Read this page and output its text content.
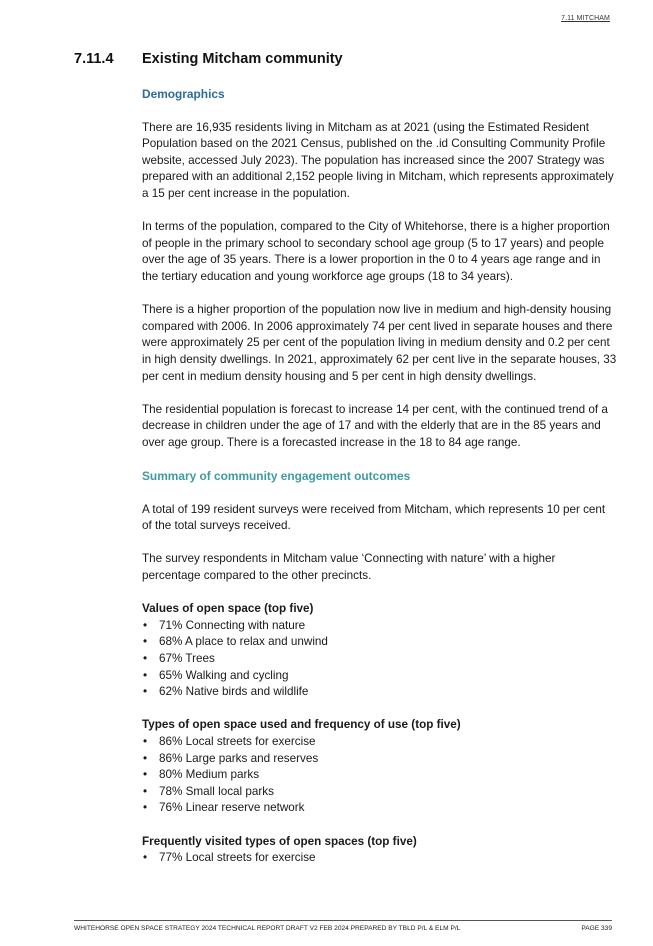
7.11 MITCHAM
7.11.4	Existing Mitcham community
Demographics

There are 16,935 residents living in Mitcham as at 2021 (using the Estimated Resident Population based on the 2021 Census, published on the .id Consulting Community Profile website, accessed July 2023). The population has increased since the 2007 Strategy was prepared with an additional 2,152 people living in Mitcham, which represents approximately a 15 per cent increase in the population.

In terms of the population, compared to the City of Whitehorse, there is a higher proportion of people in the primary school to secondary school age group (5 to 17 years) and people over the age of 35 years. There is a lower proportion in the 0 to 4 years age range and in the tertiary education and young workforce age groups (18 to 34 years).

There is a higher proportion of the population now live in medium and high-density housing compared with 2006. In 2006 approximately 74 per cent lived in separate houses and there were approximately 25 per cent of the population living in medium density and 0.2 per cent in high density dwellings. In 2021, approximately 62 per cent live in the separate houses, 33 per cent in medium density housing and 5 per cent in high density dwellings.

The residential population is forecast to increase 14 per cent, with the continued trend of a decrease in children under the age of 17 and with the elderly that are in the 85 years and over age group. There is a forecasted increase in the 18 to 84 age range.

Summary of community engagement outcomes

A total of 199 resident surveys were received from Mitcham, which represents 10 per cent of the total surveys received.

The survey respondents in Mitcham value ‘Connecting with nature’ with a higher percentage compared to the other precincts.

Values of open space (top five)
• 71% Connecting with nature
• 68% A place to relax and unwind
• 67% Trees
• 65% Walking and cycling
• 62% Native birds and wildlife
Types of open space used and frequency of use (top five)
• 86% Local streets for exercise
• 86% Large parks and reserves
• 80% Medium parks
• 78% Small local parks
• 76% Linear reserve network
Frequently visited types of open spaces (top five)
• 77% Local streets for exercise
WHITEHORSE OPEN SPACE STRATEGY 2024 TECHNICAL REPORT DRAFT V2 FEB 2024 PREPARED BY TBLD P/L & ELM P/L	PAGE 339
